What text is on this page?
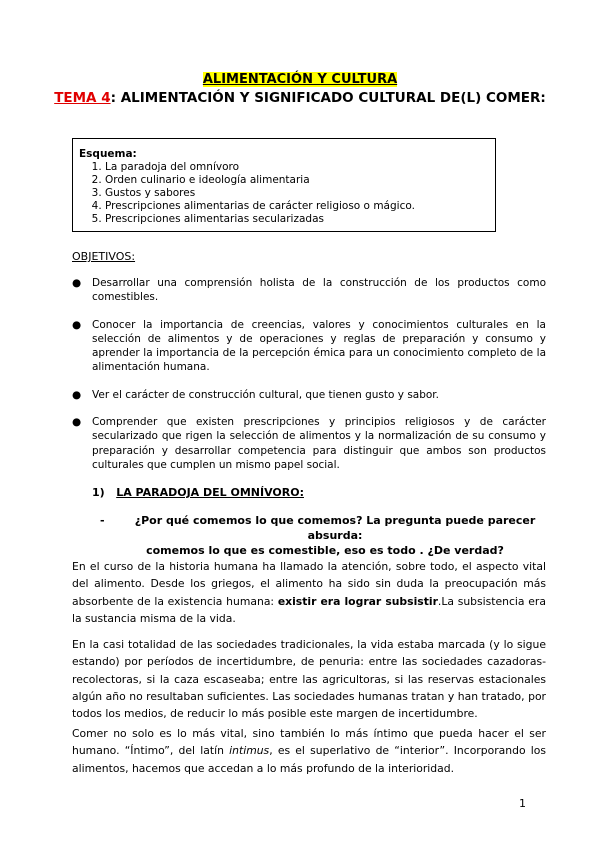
ALIMENTACIÓN Y CULTURA
TEMA 4: ALIMENTACIÓN Y SIGNIFICADO CULTURAL DE(L) COMER:
Esquema:
1. La paradoja del omnívoro
2. Orden culinario e ideología alimentaria
3. Gustos y sabores
4. Prescripciones alimentarias de carácter religioso o mágico.
5. Prescripciones alimentarias secularizadas
OBJETIVOS:
● Desarrollar una comprensión holista de la construcción de los productos como comestibles.
● Conocer la importancia de creencias, valores y conocimientos culturales en la selección de alimentos y de operaciones y reglas de preparación y consumo y aprender la importancia de la percepción émica para un conocimiento completo de la alimentación humana.
● Ver el carácter de construcción cultural, que tienen gusto y sabor.
● Comprender que existen prescripciones y principios religiosos y de carácter secularizado que rigen la selección de alimentos y la normalización de su consumo y preparación y desarrollar competencia para distinguir que ambos son productos culturales que cumplen un mismo papel social.
1) LA PARADOJA DEL OMNÍVORO:
-	¿Por qué comemos lo que comemos? La pregunta puede parecer absurda:
comemos lo que es comestible, eso es todo . ¿De verdad?

En el curso de la historia humana ha llamado la atención, sobre todo, el aspecto vital del alimento. Desde los griegos, el alimento ha sido sin duda la preocupación más absorbente de la existencia humana: existir era lograr subsistir.La subsistencia era la sustancia misma de la vida.

En la casi totalidad de las sociedades tradicionales, la vida estaba marcada (y lo sigue estando) por períodos de incertidumbre, de penuria: entre las sociedades cazadoras-recolectoras, si la caza escaseaba; entre las agricultoras, si las reservas estacionales algún año no resultaban suficientes. Las sociedades humanas tratan y han tratado, por todos los medios, de reducir lo más posible este margen de incertidumbre.

Comer no solo es lo más vital, sino también lo más íntimo que pueda hacer el ser humano. “Íntimo”, del latín intimus, es el superlativo de “interior”. Incorporando los alimentos, hacemos que accedan a lo más profundo de la interioridad.

1
